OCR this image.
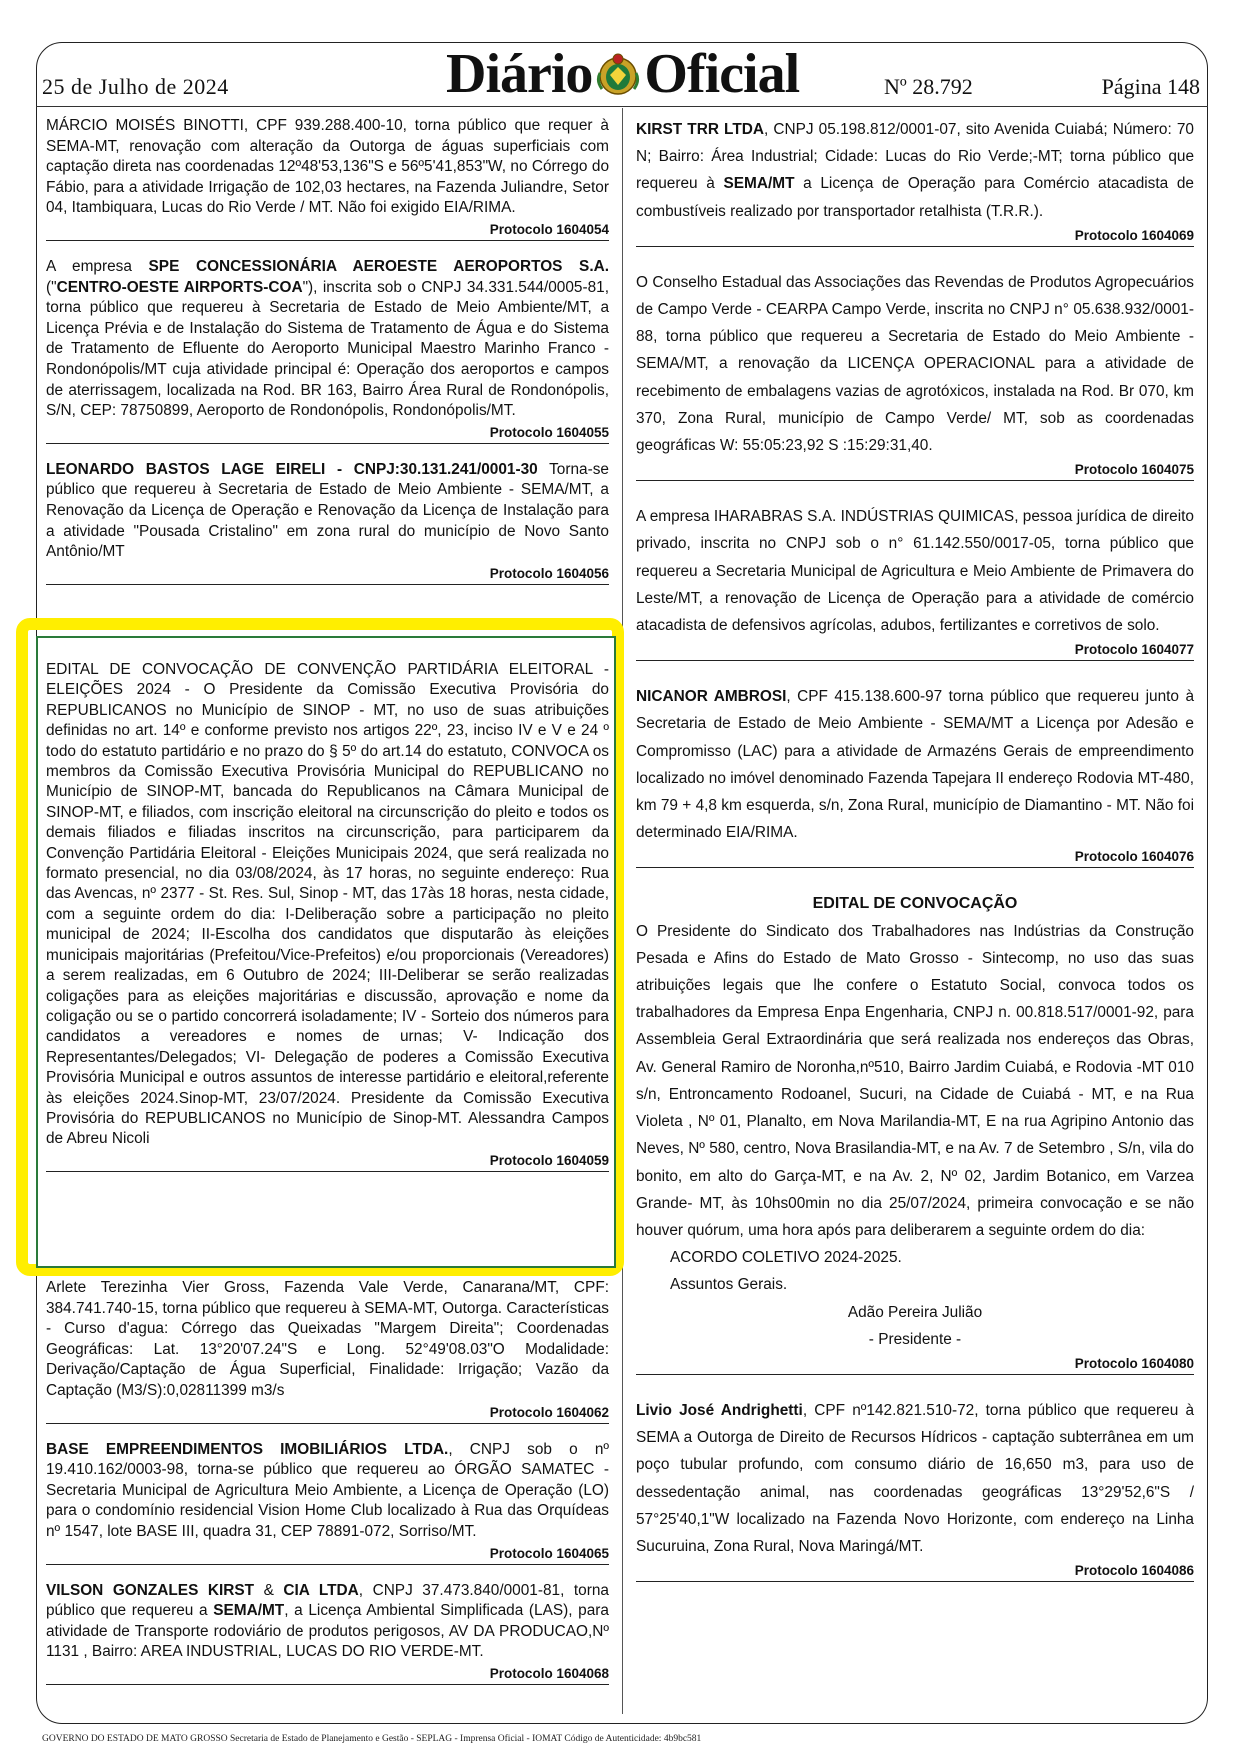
25 de Julho de 2024	Diário Oficial	Nº 28.792	Página 148

MÁRCIO MOISÉS BINOTTI, CPF 939.288.400-10, torna público que requer à SEMA-MT, renovação com alteração da Outorga de águas superficiais com captação direta nas coordenadas 12º48'53,136"S e 56º5'41,853"W, no Córrego do Fábio, para a atividade Irrigação de 102,03 hectares, na Fazenda Juliandre, Setor 04, Itambiquara, Lucas do Rio Verde / MT. Não foi exigido EIA/RIMA.

Protocolo 1604054

A empresa SPE CONCESSIONÁRIA AEROESTE AEROPORTOS S.A. ("CENTRO-OESTE AIRPORTS-COA"), inscrita sob o CNPJ 34.331.544/0005-81, torna público que requereu à Secretaria de Estado de Meio Ambiente/MT, a Licença Prévia e de Instalação do Sistema de Tratamento de Água e do Sistema de Tratamento de Efluente do Aeroporto Municipal Maestro Marinho Franco - Rondonópolis/MT cuja atividade principal é: Operação dos aeroportos e campos de aterrissagem, localizada na Rod. BR 163, Bairro Área Rural de Rondonópolis, S/N, CEP: 78750899, Aeroporto de Rondonópolis, Rondonópolis/MT.

Protocolo 1604055

LEONARDO BASTOS LAGE EIRELI - CNPJ:30.131.241/0001-30 Torna-se público que requereu à Secretaria de Estado de Meio Ambiente - SEMA/MT, a Renovação da Licença de Operação e Renovação da Licença de Instalação para a atividade "Pousada Cristalino" em zona rural do município de Novo Santo Antônio/MT

Protocolo 1604056

EDITAL DE CONVOCAÇÃO DE CONVENÇÃO PARTIDÁRIA ELEITORAL - ELEIÇÕES 2024 - O Presidente da Comissão Executiva Provisória do REPUBLICANOS no Município de SINOP - MT, no uso de suas atribuições definidas no art. 14º e conforme previsto nos artigos 22º, 23, inciso IV e V e 24 º todo do estatuto partidário e no prazo do § 5º do art.14 do estatuto, CONVOCA os membros da Comissão Executiva Provisória Municipal do REPUBLICANO no Município de SINOP-MT, bancada do Republicanos na Câmara Municipal de SINOP-MT, e filiados, com inscrição eleitoral na circunscrição do pleito e todos os demais filiados e filiadas inscritos na circunscrição, para participarem da Convenção Partidária Eleitoral - Eleições Municipais 2024, que será realizada no formato presencial, no dia 03/08/2024, às 17 horas, no seguinte endereço: Rua das Avencas, nº 2377 - St. Res. Sul, Sinop - MT, das 17às 18 horas, nesta cidade, com a seguinte ordem do dia: I-Deliberação sobre a participação no pleito municipal de 2024; II-Escolha dos candidatos que disputarão às eleições municipais majoritárias (Prefeitou/Vice-Prefeitos) e/ou proporcionais (Vereadores) a serem realizadas, em 6 Outubro de 2024; III-Deliberar se serão realizadas coligações para as eleições majoritárias e discussão, aprovação e nome da coligação ou se o partido concorrerá isoladamente; IV - Sorteio dos números para candidatos a vereadores e nomes de urnas; V- Indicação dos Representantes/Delegados; VI- Delegação de poderes a Comissão Executiva Provisória Municipal e outros assuntos de interesse partidário e eleitoral,referente às eleições 2024.Sinop-MT, 23/07/2024. Presidente da Comissão Executiva Provisória do REPUBLICANOS no Município de Sinop-MT. Alessandra Campos de Abreu Nicoli

Protocolo 1604059

Arlete Terezinha Vier Gross, Fazenda Vale Verde, Canarana/MT, CPF: 384.741.740-15, torna público que requereu à SEMA-MT, Outorga. Características - Curso d'agua: Córrego das Queixadas "Margem Direita"; Coordenadas Geográficas: Lat. 13°20'07.24"S e Long. 52°49'08.03"O Modalidade: Derivação/Captação de Água Superficial, Finalidade: Irrigação; Vazão da Captação (M3/S):0,02811399 m3/s

Protocolo 1604062

BASE EMPREENDIMENTOS IMOBILIÁRIOS LTDA., CNPJ sob o nº 19.410.162/0003-98, torna-se público que requereu ao ÓRGÃO SAMATEC - Secretaria Municipal de Agricultura Meio Ambiente, a Licença de Operação (LO) para o condomínio residencial Vision Home Club localizado à Rua das Orquídeas nº 1547, lote BASE III, quadra 31, CEP 78891-072, Sorriso/MT.

Protocolo 1604065

VILSON GONZALES KIRST & CIA LTDA, CNPJ 37.473.840/0001-81, torna público que requereu a SEMA/MT, a Licença Ambiental Simplificada (LAS), para atividade de Transporte rodoviário de produtos perigosos, AV DA PRODUCAO,Nº 1131 , Bairro: AREA INDUSTRIAL, LUCAS DO RIO VERDE-MT.

Protocolo 1604068

KIRST TRR LTDA, CNPJ 05.198.812/0001-07, sito Avenida Cuiabá; Número: 70 N; Bairro: Área Industrial; Cidade: Lucas do Rio Verde;-MT; torna público que requereu à SEMA/MT a Licença de Operação para Comércio atacadista de combustíveis realizado por transportador retalhista (T.R.R.).

Protocolo 1604069

O Conselho Estadual das Associações das Revendas de Produtos Agropecuários de Campo Verde - CEARPA Campo Verde, inscrita no CNPJ n° 05.638.932/0001-88, torna público que requereu a Secretaria de Estado do Meio Ambiente - SEMA/MT, a renovação da LICENÇA OPERACIONAL para a atividade de recebimento de embalagens vazias de agrotóxicos, instalada na Rod. Br 070, km 370, Zona Rural, município de Campo Verde/ MT, sob as coordenadas geográficas W: 55:05:23,92 S :15:29:31,40.

Protocolo 1604075

A empresa IHARABRAS S.A. INDÚSTRIAS QUIMICAS, pessoa jurídica de direito privado, inscrita no CNPJ sob o n° 61.142.550/0017-05, torna público que requereu a Secretaria Municipal de Agricultura e Meio Ambiente de Primavera do Leste/MT, a renovação de Licença de Operação para a atividade de comércio atacadista de defensivos agrícolas, adubos, fertilizantes e corretivos de solo.

Protocolo 1604077

NICANOR AMBROSI, CPF 415.138.600-97 torna público que requereu junto à Secretaria de Estado de Meio Ambiente - SEMA/MT a Licença por Adesão e Compromisso (LAC) para a atividade de Armazéns Gerais de empreendimento localizado no imóvel denominado Fazenda Tapejara II endereço Rodovia MT-480, km 79 + 4,8 km esquerda, s/n, Zona Rural, município de Diamantino - MT. Não foi determinado EIA/RIMA.

Protocolo 1604076
EDITAL DE CONVOCAÇÃO

O Presidente do Sindicato dos Trabalhadores nas Indústrias da Construção Pesada e Afins do Estado de Mato Grosso - Sintecomp, no uso das suas atribuições legais que lhe confere o Estatuto Social, convoca todos os trabalhadores da Empresa Enpa Engenharia, CNPJ n. 00.818.517/0001-92, para Assembleia Geral Extraordinária que será realizada nos endereços das Obras, Av. General Ramiro de Noronha,nº510, Bairro Jardim Cuiabá, e Rodovia -MT 010 s/n, Entroncamento Rodoanel, Sucuri, na Cidade de Cuiabá - MT, e na Rua Violeta , Nº 01, Planalto, em Nova Marilandia-MT, E na rua Agripino Antonio das Neves, Nº 580, centro, Nova Brasilandia-MT, e na Av. 7 de Setembro , S/n, vila do bonito, em alto do Garça-MT, e na Av. 2, Nº 02, Jardim Botanico, em Varzea Grande- MT, às 10hs00min no dia 25/07/2024, primeira convocação e se não houver quórum, uma hora após para deliberarem a seguinte ordem do dia:

ACORDO COLETIVO 2024-2025.

Assuntos Gerais.

Adão Pereira Julião

- Presidente -

Protocolo 1604080

Livio José Andrighetti, CPF nº142.821.510-72, torna público que requereu à SEMA a Outorga de Direito de Recursos Hídricos - captação subterrânea em um poço tubular profundo, com consumo diário de 16,650 m3, para uso de dessedentação animal, nas coordenadas geográficas 13°29'52,6"S / 57°25'40,1"W localizado na Fazenda Novo Horizonte, com endereço na Linha Sucuruina, Zona Rural, Nova Maringá/MT.

Protocolo 1604086
GOVERNO DO ESTADO DE MATO GROSSO Secretaria de Estado de Planejamento e Gestão - SEPLAG - Imprensa Oficial - IOMAT Código de Autenticidade: 4b9bc581
